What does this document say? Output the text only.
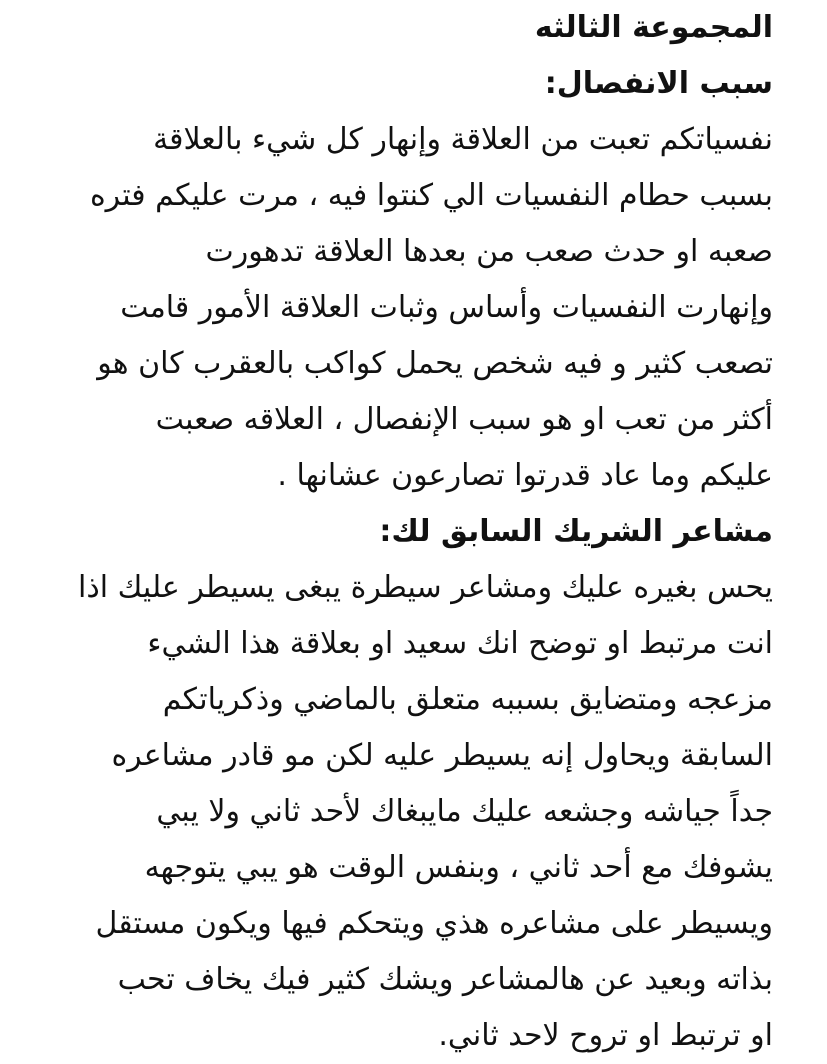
المجموعة الثالثه
سبب الانفصال:
نفسياتكم تعبت من العلاقة وإنهار كل شيء بالعلاقة
بسبب حطام النفسيات الي كنتوا فيه ، مرت عليكم فتره
صعبه او حدث صعب من بعدها العلاقة تدهورت
وإنهارت النفسيات وأساس وثبات العلاقة الأمور قامت
تصعب كثير و فيه شخص يحمل كواكب بالعقرب كان هو
أكثر من تعب او هو سبب الإنفصال ، العلاقه صعبت
عليكم وما عاد قدرتوا تصارعون عشانها .
مشاعر الشريك السابق لك:
يحس بغيره عليك ومشاعر سيطرة يبغى يسيطر عليك اذا
انت مرتبط او توضح انك سعيد او بعلاقة هذا الشيء
مزعجه ومتضايق بسببه متعلق بالماضي وذكرياتكم
السابقة ويحاول إنه يسيطر عليه لكن مو قادر مشاعره
جداً جياشه وجشعه عليك مايبغاك لأحد ثاني ولا يبي
يشوفك مع أحد ثاني ، وبنفس الوقت هو يبي يتوجهه
ويسيطر على مشاعره هذي ويتحكم فيها ويكون مستقل
بذاته وبعيد عن هالمشاعر ويشك كثير فيك يخاف تحب
او ترتبط او تروح لاحد ثاني.
